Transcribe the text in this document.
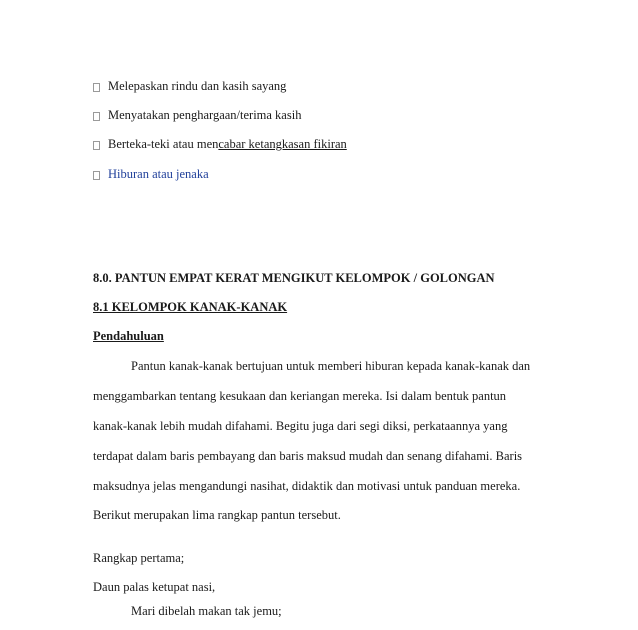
Melepaskan rindu dan kasih sayang
Menyatakan penghargaan/terima kasih
Berteka-teki atau men cabar ketangkasan fikiran
Hiburan atau jenaka
8.0. PANTUN EMPAT KERAT MENGIKUT KELOMPOK / GOLONGAN
8.1 KELOMPOK KANAK-KANAK
Pendahuluan
Pantun kanak-kanak bertujuan untuk memberi hiburan kepada kanak-kanak dan
menggambarkan tentang kesukaan dan keriangan mereka. Isi dalam bentuk pantun
kanak-kanak lebih mudah difahami. Begitu juga dari segi diksi, perkataannya yang
terdapat dalam baris pembayang dan baris maksud mudah dan senang difahami. Baris
maksudnya jelas mengandungi nasihat, didaktik dan motivasi untuk panduan mereka.
Berikut merupakan lima rangkap pantun tersebut.
Rangkap pertama;
Daun palas ketupat nasi,
Mari dibelah makan tak jemu;
